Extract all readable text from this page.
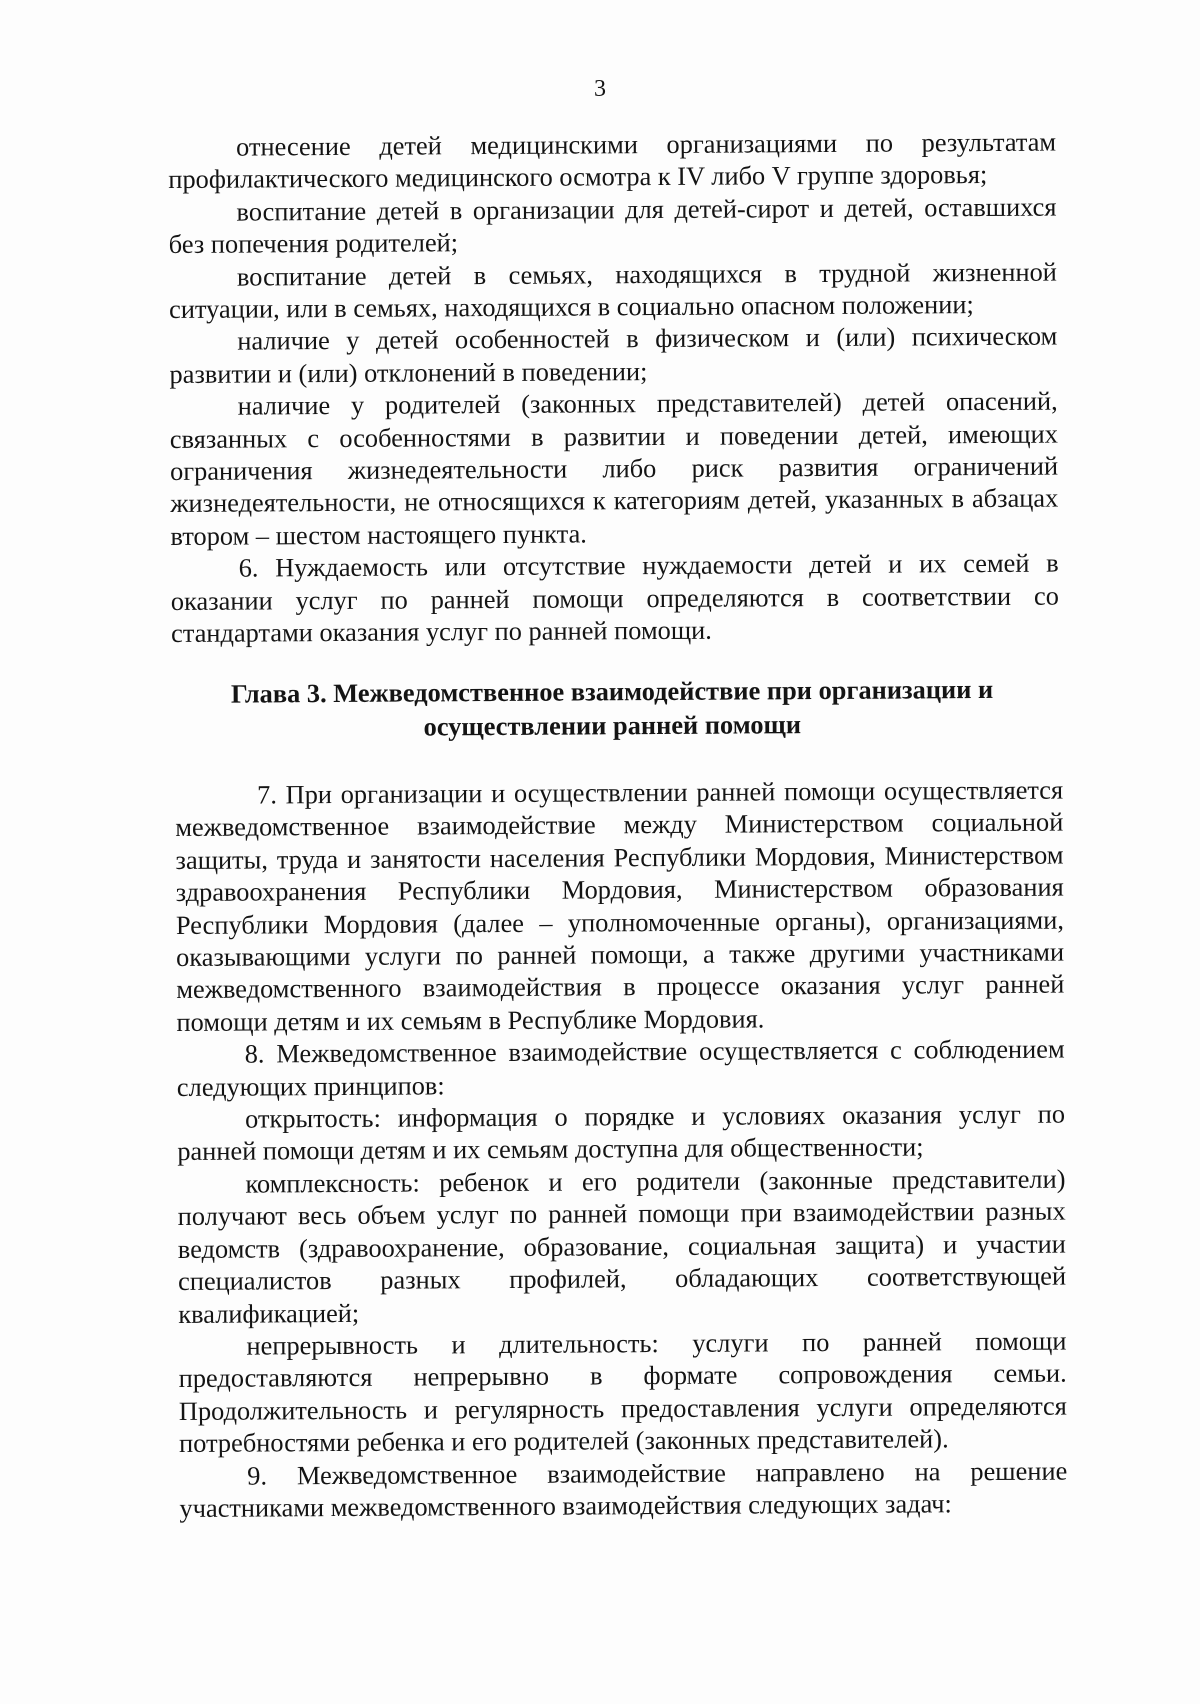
3

отнесение детей медицинскими организациями по результатам профилактического медицинского осмотра к IV либо V группе здоровья;

воспитание детей в организации для детей-сирот и детей, оставшихся без попечения родителей;

воспитание детей в семьях, находящихся в трудной жизненной ситуации, или в семьях, находящихся в социально опасном положении;

наличие у детей особенностей в физическом и (или) психическом развитии и (или) отклонений в поведении;

наличие у родителей (законных представителей) детей опасений, связанных с особенностями в развитии и поведении детей, имеющих ограничения жизнедеятельности либо риск развития ограничений жизнедеятельности, не относящихся к категориям детей, указанных в абзацах втором – шестом настоящего пункта.

6. Нуждаемость или отсутствие нуждаемости детей и их семей в оказании услуг по ранней помощи определяются в соответствии со стандартами оказания услуг по ранней помощи.

Глава 3. Межведомственное взаимодействие при организации и
осуществлении ранней помощи

7. При организации и осуществлении ранней помощи осуществляется межведомственное взаимодействие между Министерством социальной защиты, труда и занятости населения Республики Мордовия, Министерством здравоохранения Республики Мордовия, Министерством образования Республики Мордовия (далее – уполномоченные органы), организациями, оказывающими услуги по ранней помощи, а также другими участниками межведомственного взаимодействия в процессе оказания услуг ранней помощи детям и их семьям в Республике Мордовия.

8. Межведомственное взаимодействие осуществляется с соблюдением следующих принципов:

открытость: информация о порядке и условиях оказания услуг по ранней помощи детям и их семьям доступна для общественности;

комплексность: ребенок и его родители (законные представители) получают весь объем услуг по ранней помощи при взаимодействии разных ведомств (здравоохранение, образование, социальная защита) и участии специалистов разных профилей, обладающих соответствующей квалификацией;

непрерывность и длительность: услуги по ранней помощи предоставляются непрерывно в формате сопровождения семьи. Продолжительность и регулярность предоставления услуги определяются потребностями ребенка и его родителей (законных представителей).

9. Межведомственное взаимодействие направлено на решение участниками межведомственного взаимодействия следующих задач:
